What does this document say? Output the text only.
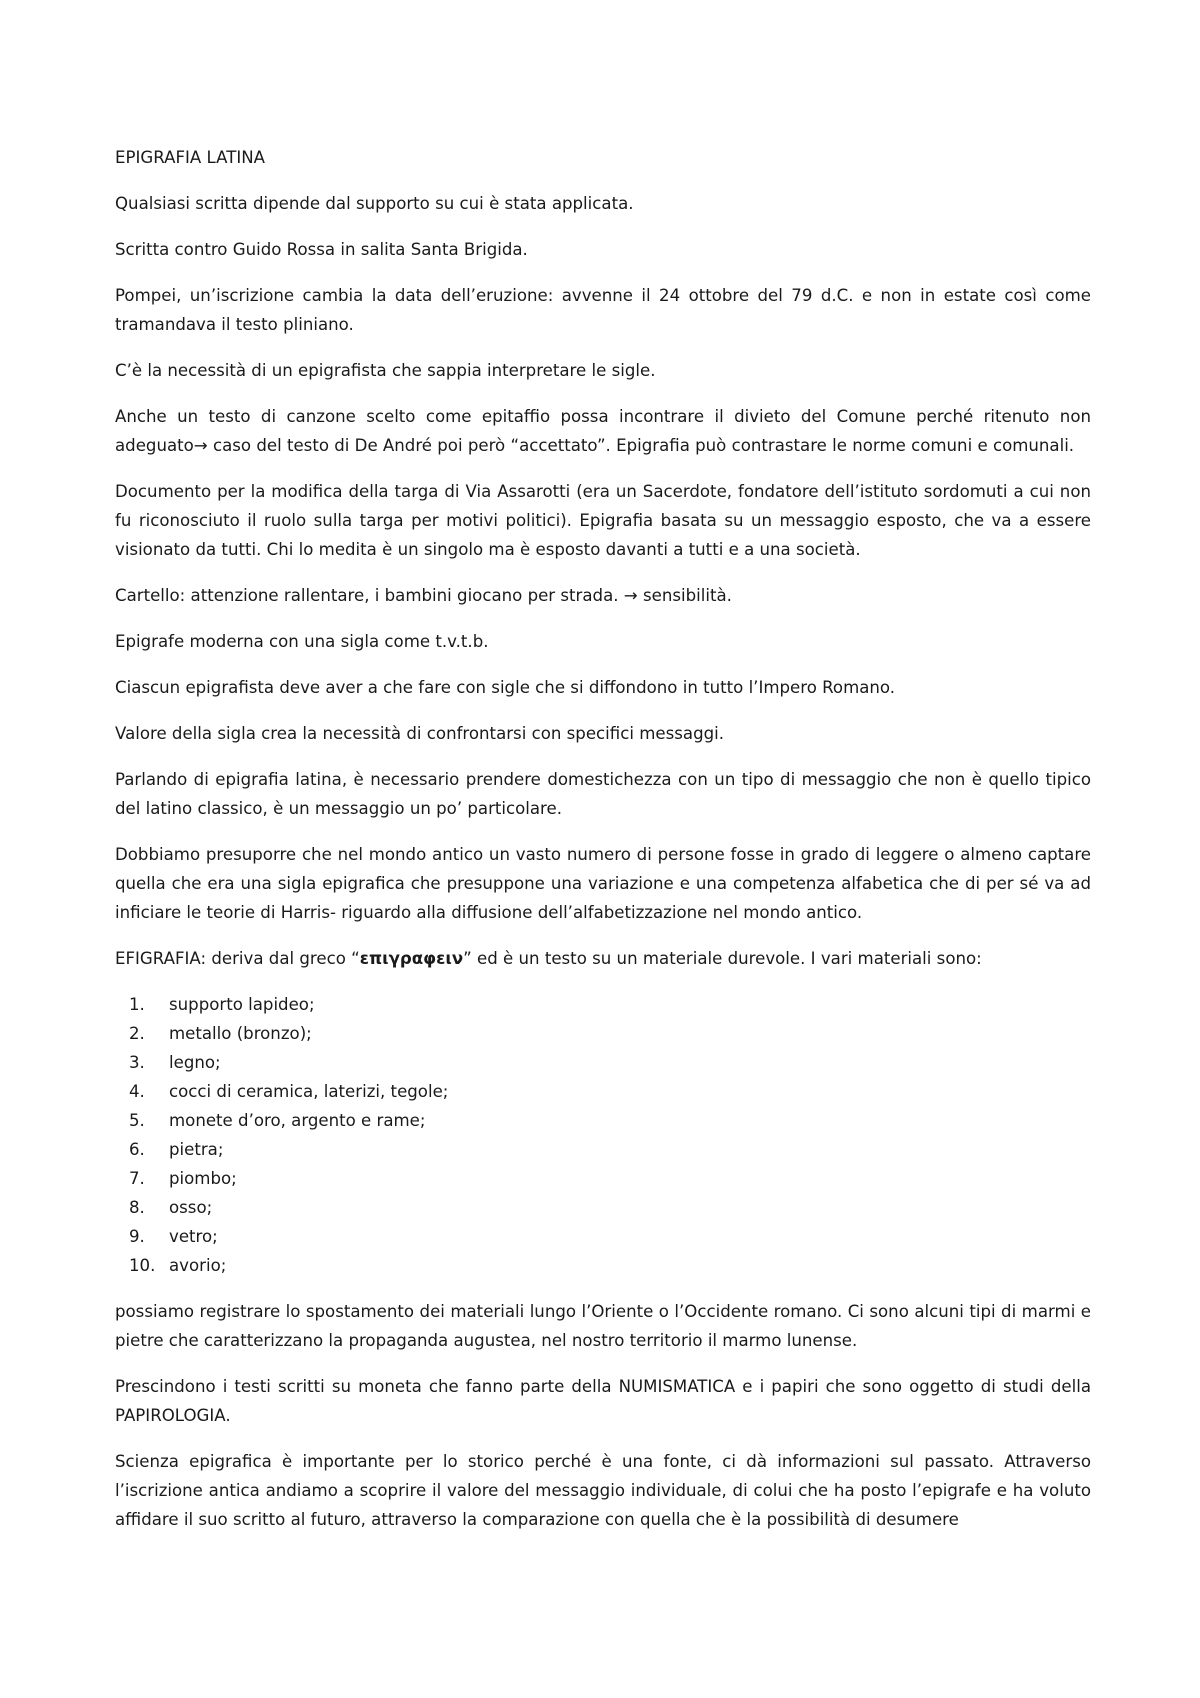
EPIGRAFIA LATINA

Qualsiasi scritta dipende dal supporto su cui è stata applicata.

Scritta contro Guido Rossa in salita Santa Brigida.

Pompei, un’iscrizione cambia la data dell’eruzione: avvenne il 24 ottobre del 79 d.C. e non in estate così come tramandava il testo pliniano.

C’è la necessità di un epigrafista che sappia interpretare le sigle.

Anche un testo di canzone scelto come epitaffio possa incontrare il divieto del Comune perché ritenuto non adeguato→ caso del testo di De André poi però “accettato”. Epigrafia può contrastare le norme comuni e comunali.

Documento per la modifica della targa di Via Assarotti (era un Sacerdote, fondatore dell’istituto sordomuti a cui non fu riconosciuto il ruolo sulla targa per motivi politici). Epigrafia basata su un messaggio esposto, che va a essere visionato da tutti. Chi lo medita è un singolo ma è esposto davanti a tutti e a una società.

Cartello: attenzione rallentare, i bambini giocano per strada. → sensibilità.

Epigrafe moderna con una sigla come t.v.t.b.

Ciascun epigrafista deve aver a che fare con sigle che si diffondono in tutto l’Impero Romano.

Valore della sigla crea la necessità di confrontarsi con specifici messaggi.

Parlando di epigrafia latina, è necessario prendere domestichezza con un tipo di messaggio che non è quello tipico del latino classico, è un messaggio un po’ particolare.

Dobbiamo presuporre che nel mondo antico un vasto numero di persone fosse in grado di leggere o almeno captare quella che era una sigla epigrafica che presuppone una variazione e una competenza alfabetica che di per sé va ad inficiare le teorie di Harris- riguardo alla diffusione dell’alfabetizzazione nel mondo antico.

EFIGRAFIA: deriva dal greco “επιγραφειν” ed è un testo su un materiale durevole. I vari materiali sono:

1.	supporto lapideo;
2.	metallo (bronzo);
3.	legno;
4.	cocci di ceramica, laterizi, tegole;
5.	monete d’oro, argento e rame;
6.	pietra;
7.	piombo;
8.	osso;
9.	vetro;
10. avorio;

possiamo registrare lo spostamento dei materiali lungo l’Oriente o l’Occidente romano. Ci sono alcuni tipi di marmi e pietre che caratterizzano la propaganda augustea, nel nostro territorio il marmo lunense.

Prescindono i testi scritti su moneta che fanno parte della NUMISMATICA e i papiri che sono oggetto di studi della PAPIROLOGIA.

Scienza epigrafica è importante per lo storico perché è una fonte, ci dà informazioni sul passato. Attraverso l’iscrizione antica andiamo a scoprire il valore del messaggio individuale, di colui che ha posto l’epigrafe e ha voluto affidare il suo scritto al futuro, attraverso la comparazione con quella che è la possibilità di desumere
